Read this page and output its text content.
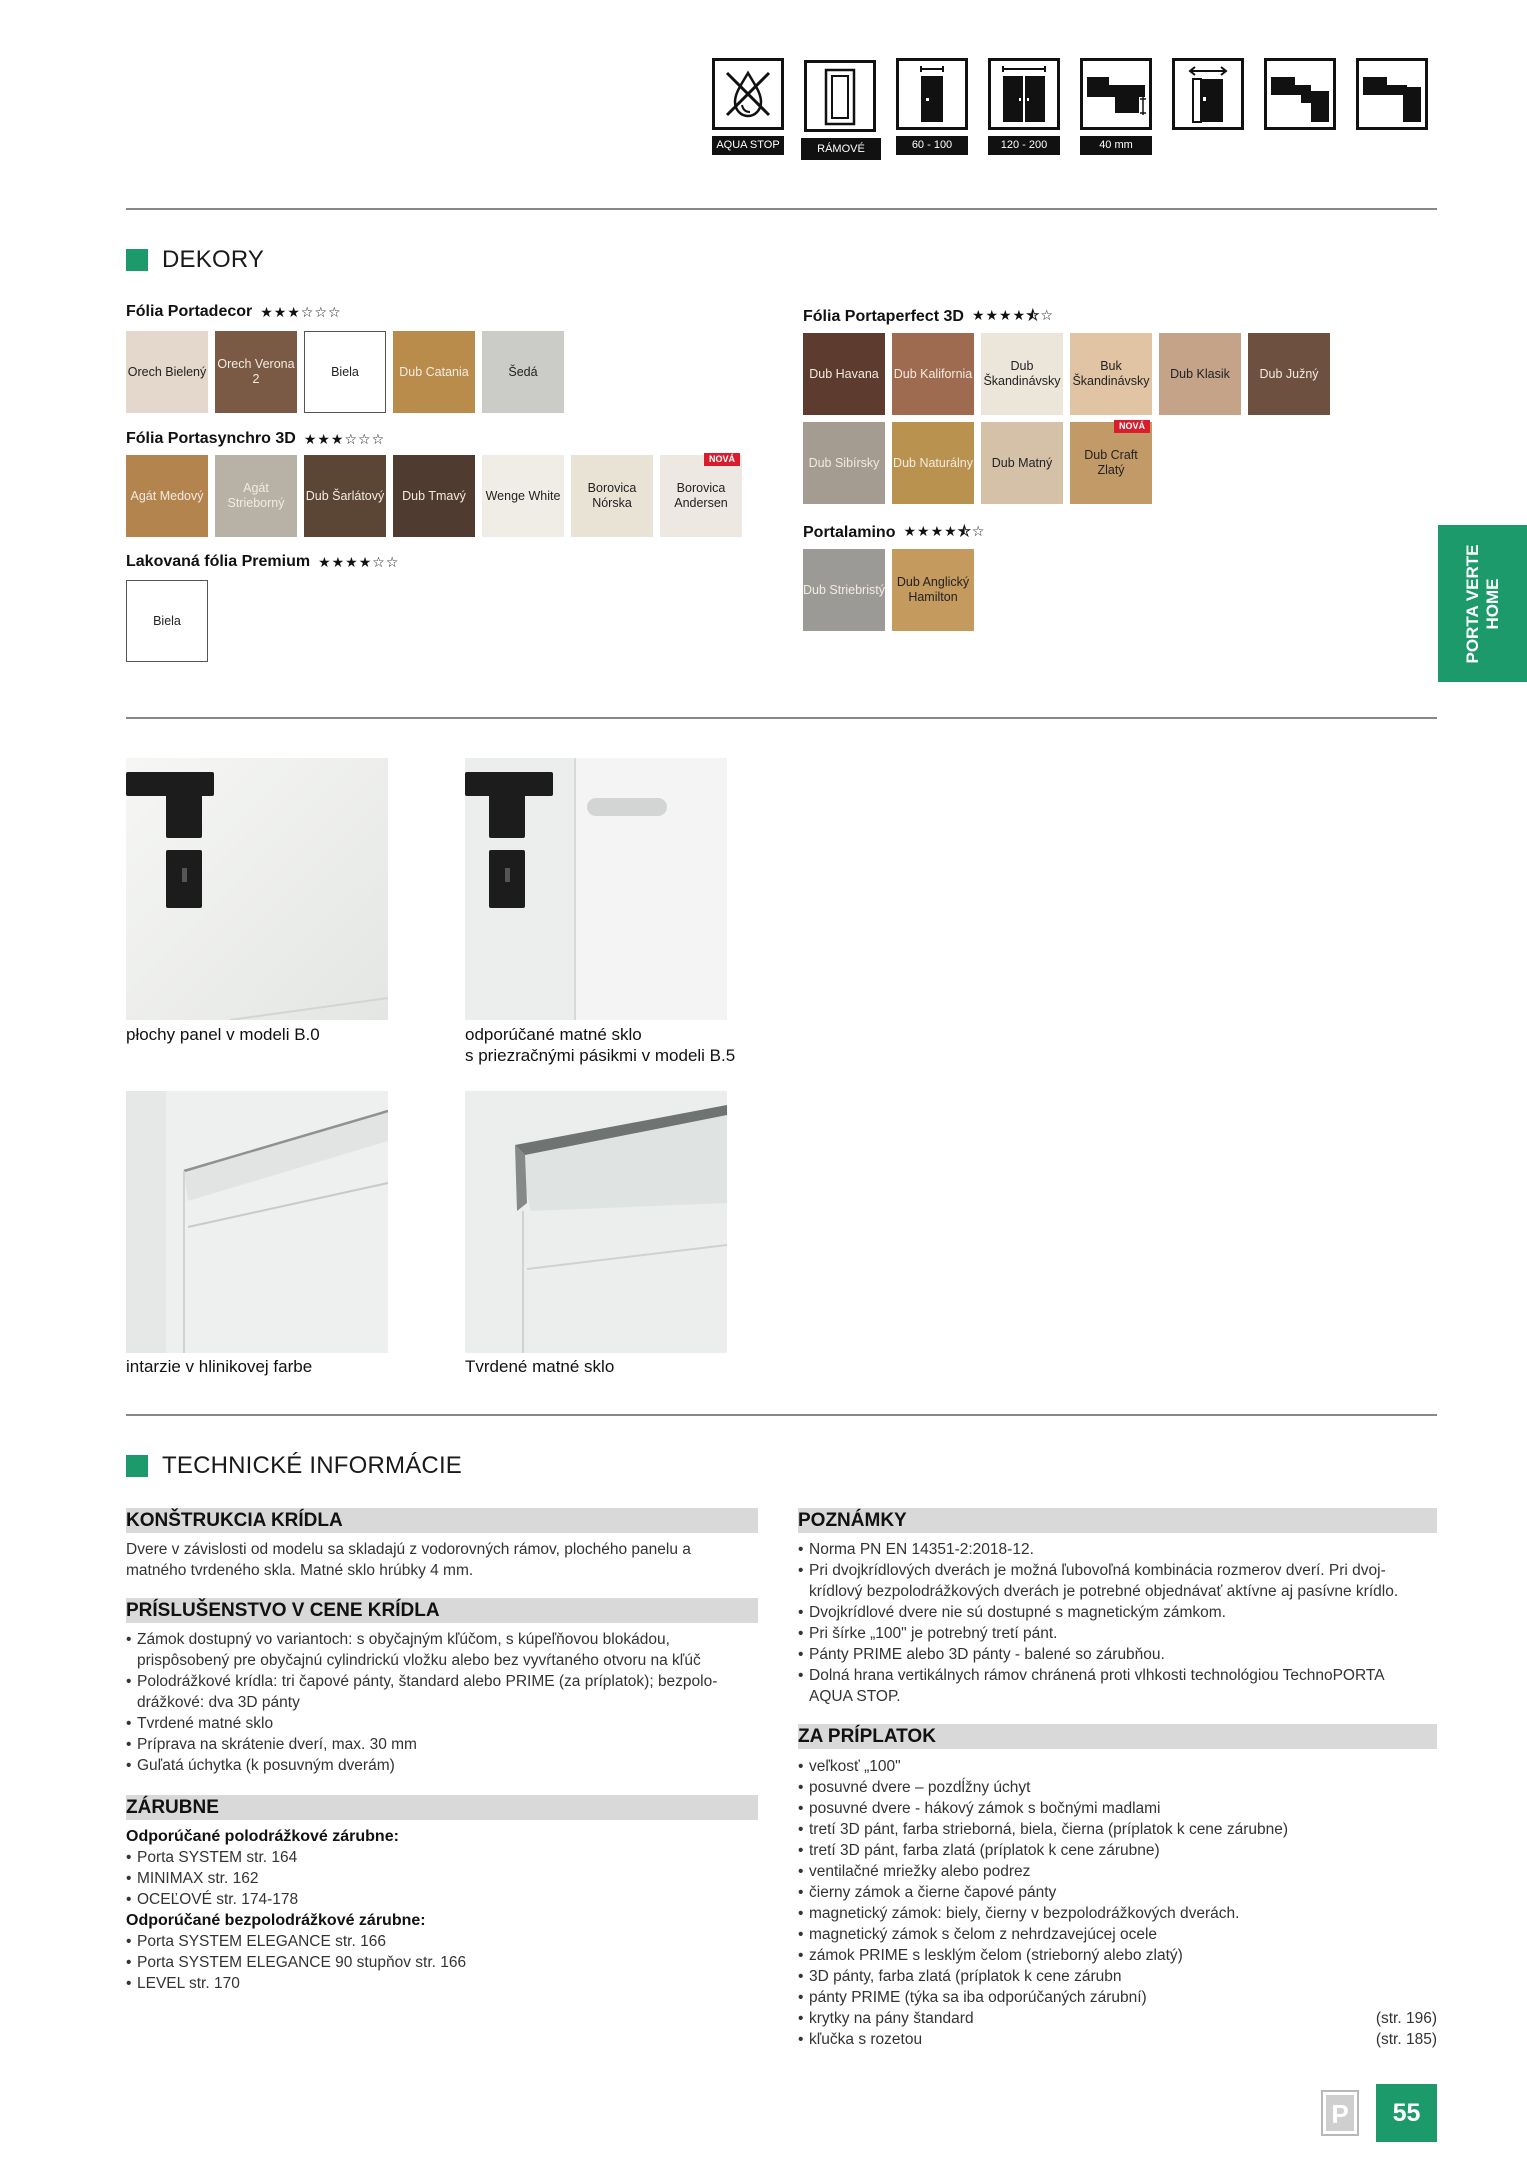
AQUA STOP	RÁMOVÉ	60 - 100	120 - 200	40 mm
DEKORY
Fólia Portadecor ★★★☆☆☆
Orech Bielený
Orech Verona 2
Biela	Dub Catania	Šedá
Fólia Portasynchro 3D ★★★☆☆☆
Agát Medový
Agát Strieborný
Dub Šarlátový Dub Tmavý Wenge White
Borovica Nórska
NOVÁ
Borovica Andersen
Lakovaná fólia Premium ★★★★☆☆
Biela
Fólia Portaperfect 3D ★★★★⯪☆
Dub Havana Dub Kalifornia
Dub Škandinávsky
Buk Škandinávsky
Dub Klasik Dub Južný
Dub Sibírsky Dub Naturálny Dub Matný
NOVÁ
Dub Craft Zlatý
Portalamino ★★★★⯪☆
Dub Striebristý
Dub Anglický Hamilton	PORTA VERTE HOME
płochy panel v modeli B.0	odporúčané matné sklo
s priezračnými pásikmi v modeli B.5
intarzie v hlinikovej farbe	Tvrdené matné sklo
TECHNICKÉ INFORMÁCIE
KONŠTRUKCIA KRÍDLA
Dvere v závislosti od modelu sa skladajú z vodorovných rámov, plochého panelu a
matného tvrdeného skla. Matné sklo hrúbky 4 mm.
PRÍSLUŠENSTVO V CENE KRÍDLA
• Zámok dostupný vo variantoch: s obyčajným kľúčom, s kúpeľňovou blokádou,
prispôsobený pre obyčajnú cylindrickú vložku alebo bez vyvŕtaného otvoru na kľúč
• Polodrážkové krídla: tri čapové pánty, štandard alebo PRIME (za príplatok); bezpolo-
drážkové: dva 3D pánty
• Tvrdené matné sklo
• Príprava na skrátenie dverí, max. 30 mm
• Guľatá úchytka (k posuvným dverám)
ZÁRUBNE
Odporúčané polodrážkové zárubne:
• Porta SYSTEM str. 164
• MINIMAX str. 162
• OCEĽOVÉ str. 174-178
Odporúčané bezpolodrážkové zárubne:
• Porta SYSTEM ELEGANCE str. 166
• Porta SYSTEM ELEGANCE 90 stupňov str. 166
• LEVEL str. 170
POZNÁMKY
• Norma PN EN 14351-2:2018-12.
• Pri dvojkrídlových dverách je možná ľubovoľná kombinácia rozmerov dverí. Pri dvoj-
krídlový bezpolodrážkových dverách je potrebné objednávať aktívne aj pasívne krídlo.
• Dvojkrídlové dvere nie sú dostupné s magnetickým zámkom.
• Pri šírke „100" je potrebný tretí pánt.
• Pánty PRIME alebo 3D pánty - balené so zárubňou.
• Dolná hrana vertikálnych rámov chránená proti vlhkosti technológiou TechnoPORTA
AQUA STOP.
ZA PRÍPLATOK
• veľkosť „100"
• posuvné dvere – pozdĺžny úchyt
• posuvné dvere - hákový zámok s bočnými madlami
• tretí 3D pánt, farba strieborná, biela, čierna (príplatok k cene zárubne)
• tretí 3D pánt, farba zlatá (príplatok k cene zárubne)
• ventilačné mriežky alebo podrez
• čierny zámok a čierne čapové pánty
• magnetický zámok: biely, čierny v bezpolodrážkových dverách.
• magnetický zámok s čelom z nehrdzavejúcej ocele
• zámok PRIME s lesklým čelom (strieborný alebo zlatý)
• 3D pánty, farba zlatá (príplatok k cene zárubn
• pánty PRIME (týka sa iba odporúčaných zárubní)
• krytky na pány štandard	(str. 196)
• kľučka s rozetou	(str. 185)
P	55
